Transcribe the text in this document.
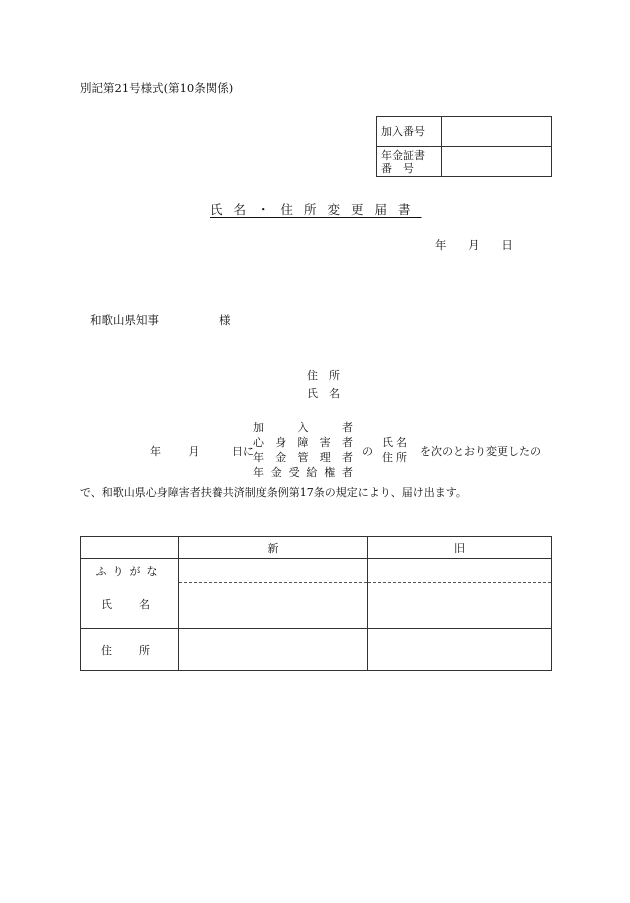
別記第21号様式(第10条関係)
加入番号	

年金証書
番　号	

氏名・住所変更届書
年 月 日
和歌山県知事	様
住所
氏名
年	月	日に
加	入	者
心 身 障 害 者
年 金 管 理 者
年 金 受 給 権 者
の
氏名
住所 を次のとおり変更したの
で、和歌山県心身障害者扶養共済制度条例第17条の規定により、届け出ます。
	新	旧

ふりがな
氏　名		

住　所		
